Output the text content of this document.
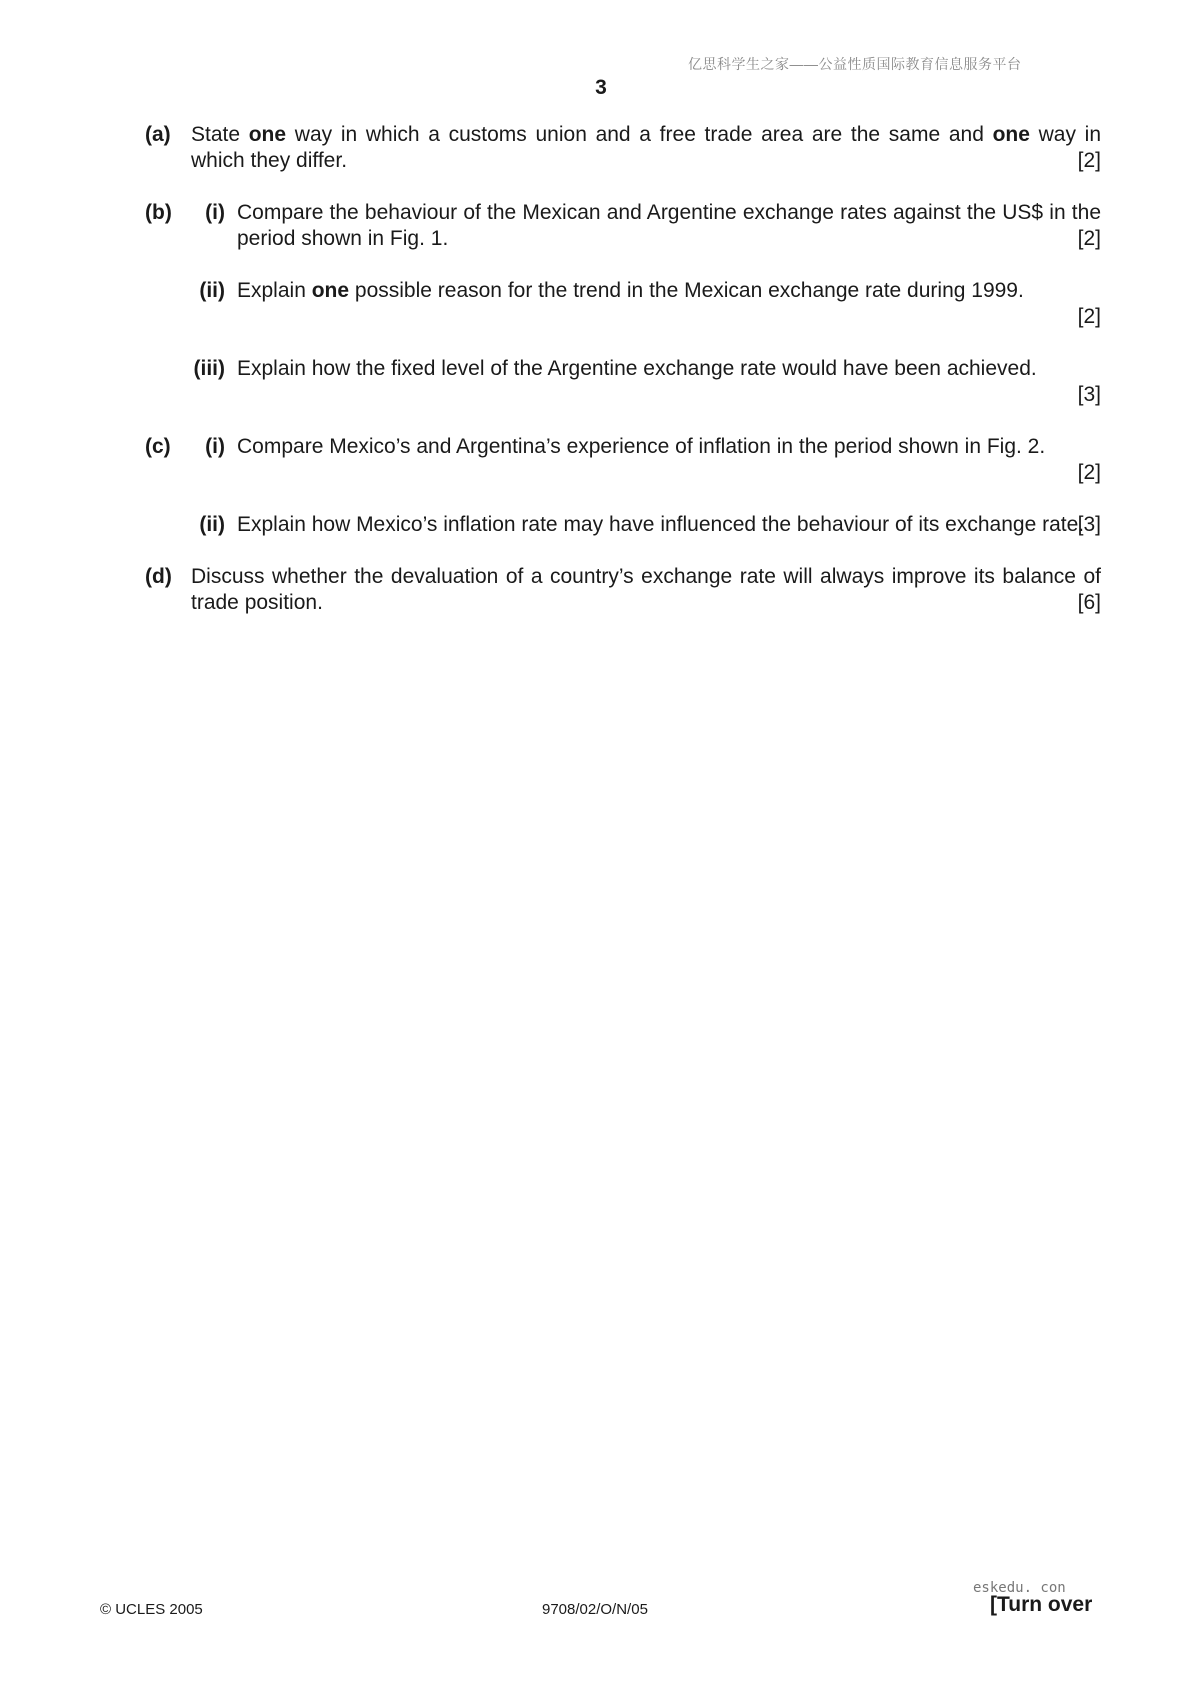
亿思科学生之家——公益性质国际教育信息服务平台
3
(a) State one way in which a customs union and a free trade area are the same and one way in which they differ.	[2]
(b) (i) Compare the behaviour of the Mexican and Argentine exchange rates against the US$ in the period shown in Fig. 1.	[2]
(ii) Explain one possible reason for the trend in the Mexican exchange rate during 1999.
[2]
(iii) Explain how the fixed level of the Argentine exchange rate would have been achieved.
[3]
(c) (i) Compare Mexico’s and Argentina’s experience of inflation in the period shown in Fig. 2.
[2]
(ii) Explain how Mexico’s inflation rate may have influenced the behaviour of its exchange rate.
[3]
(d) Discuss whether the devaluation of a country’s exchange rate will always improve its balance of trade position.	[6]
© UCLES 2005	9708/02/O/N/05
eskedu. con
[Turn over
